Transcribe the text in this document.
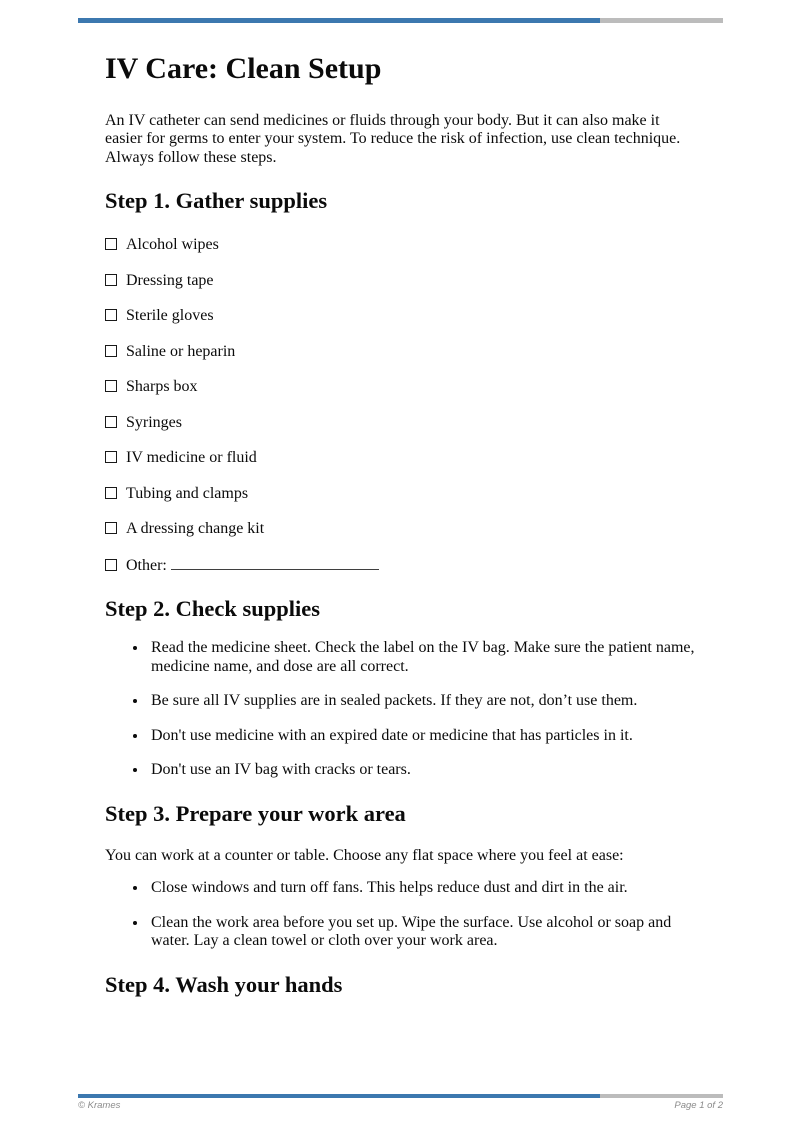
IV Care: Clean Setup

An IV catheter can send medicines or fluids through your body. But it can also make it easier for germs to enter your system. To reduce the risk of infection, use clean technique. Always follow these steps.

Step 1. Gather supplies
Alcohol wipes
Dressing tape
Sterile gloves
Saline or heparin
Sharps box
Syringes
IV medicine or fluid
Tubing and clamps
A dressing change kit
Other:
Step 2. Check supplies
• Read the medicine sheet. Check the label on the IV bag. Make sure the patient name, medicine name, and dose are all correct.
• Be sure all IV supplies are in sealed packets. If they are not, don’t use them.
• Don't use medicine with an expired date or medicine that has particles in it.
• Don't use an IV bag with cracks or tears.
Step 3. Prepare your work area

You can work at a counter or table. Choose any flat space where you feel at ease:

• Close windows and turn off fans. This helps reduce dust and dirt in the air.
• Clean the work area before you set up. Wipe the surface. Use alcohol or soap and water. Lay a clean towel or cloth over your work area.
Step 4. Wash your hands
© Krames	Page 1 of 2
